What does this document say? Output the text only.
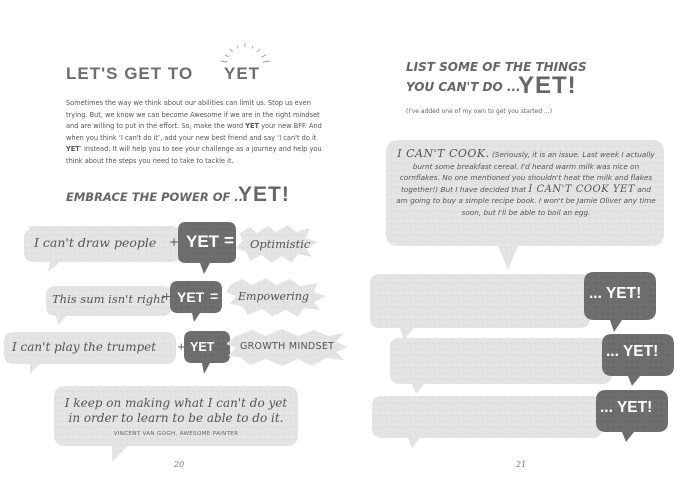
LET'S GET TO YET
Sometimes the way we think about our abilities can limit us. Stop us even trying. But, we know we can become Awesome if we are in the right mindset and are willing to put in the effort. So, make the word YET your new BFF. And when you think ‘I can't do it’, add your new best friend and say ‘I can't do it YET’ instead. It will help you to see your challenge as a journey and help you think about the steps you need to take to tackle it.
EMBRACE THE POWER OF ...
YET!
I can't draw people + YET = Optimistic
This sum isn't right
+ YET = Empowering
I can't play the trumpet + YET = GROWTH MINDSET
I keep on making what I can't do yet
in order to learn to be able to do it.
VINCENT VAN GOGH, AWESOME PAINTER
20
LIST SOME OF THE THINGS
YOU CAN'T DO ...
YET!
(I've added one of my own to get you started ...)
I CAN'T COOK. (Seriously, it is an issue. Last week I actually burnt some breakfast cereal. I'd heard warm milk was nice on cornflakes. No one mentioned you shouldn't heat the milk and flakes together!) But I have decided that I CAN'T COOK YET and am going to buy a simple recipe book. I won't be Jamie Oliver any time soon, but I'll be able to boil an egg.
... YET!
... YET!
... YET!
21
